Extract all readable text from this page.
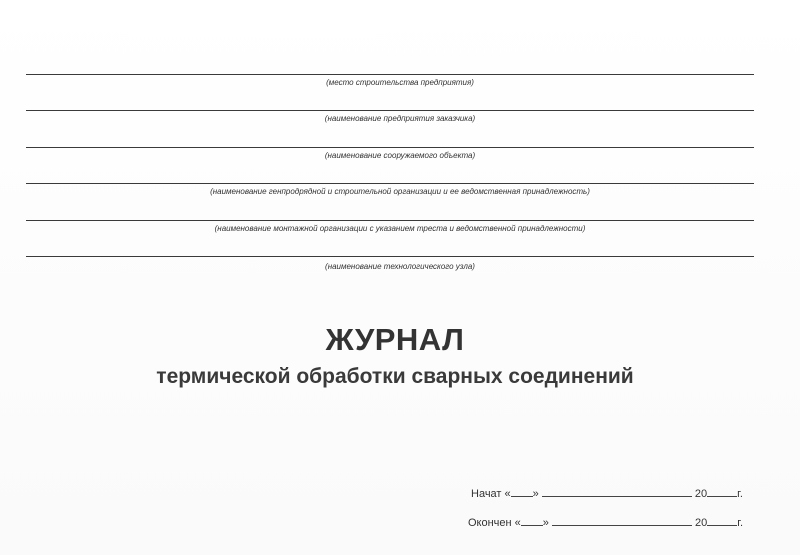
(место строительства предприятия)
(наименование предприятия заказчика)
(наименование сооружаемого объекта)
(наименование генпродрядной и строительной организации и ее ведомственная принадлежность)
(наименование монтажной организации с указанием треста и ведомственной принадлежности)
(наименование технологического узла)
ЖУРНАЛ
термической обработки сварных соединений
Начат « »	20	г.
Окончен « »	20	г.
